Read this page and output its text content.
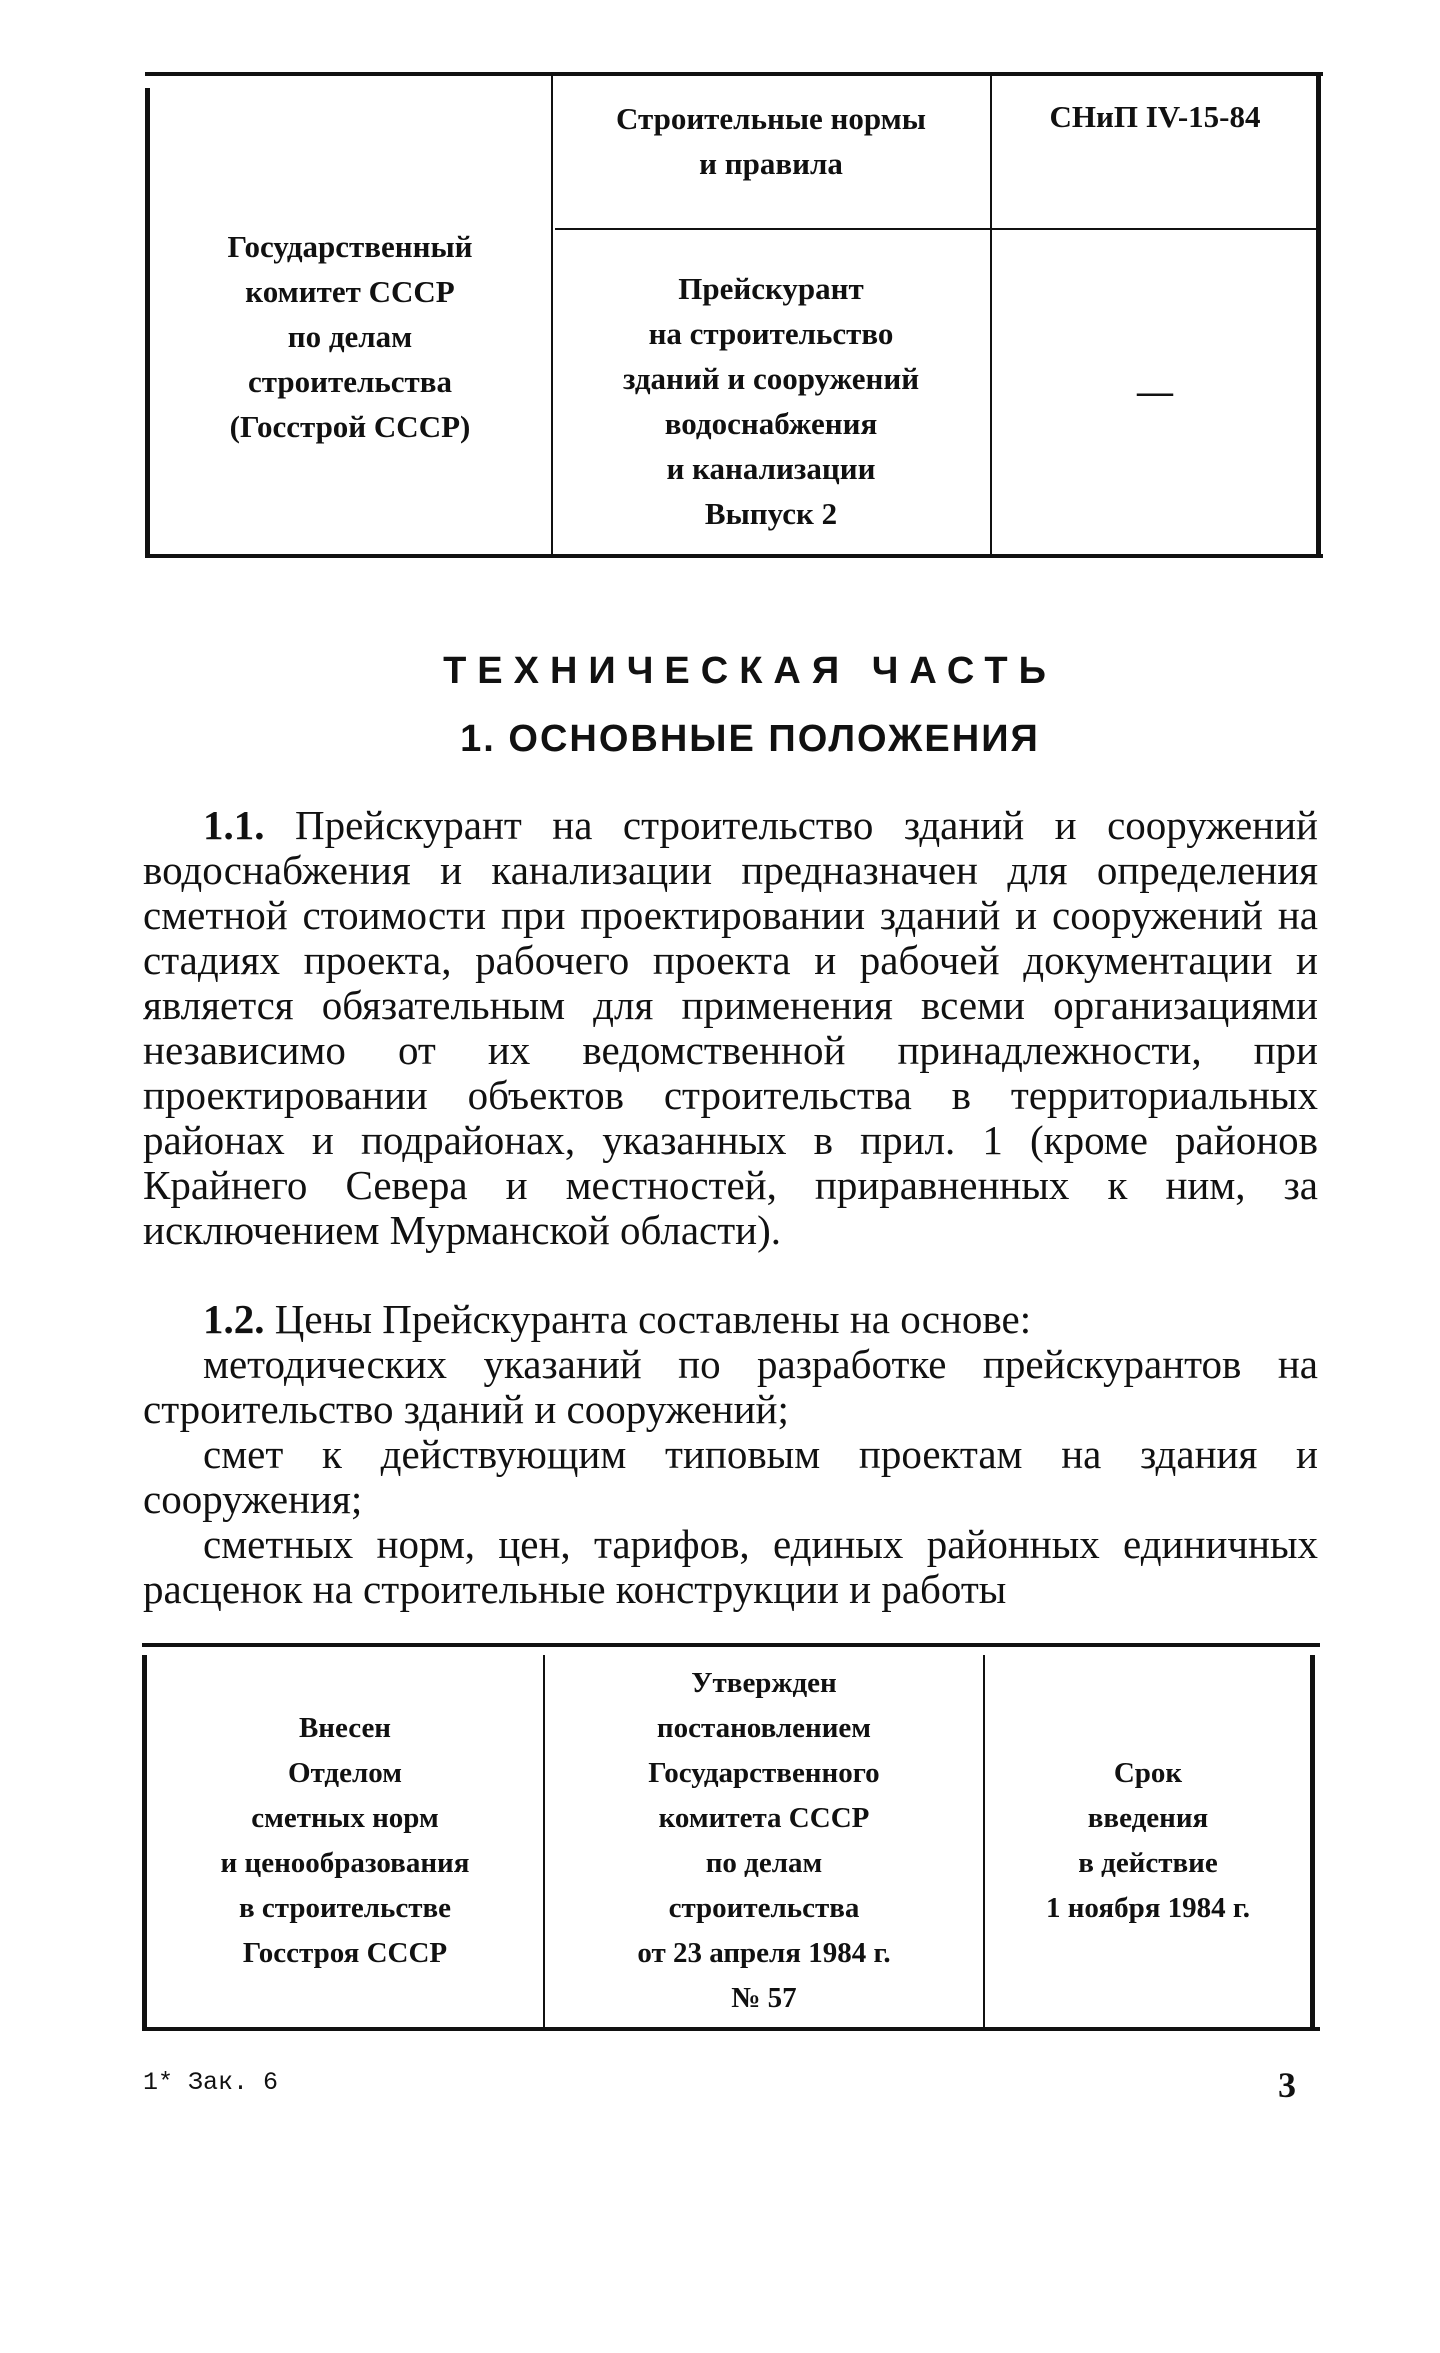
Государственный
комитет СССР
по делам
строительства
(Госстрой СССР)
Строительные нормы
и правила
СНиП IV-15-84
Прейскурант
на строительство
зданий и сооружений
водоснабжения
и канализации
Выпуск 2
—
ТЕХНИЧЕСКАЯ ЧАСТЬ
1. ОСНОВНЫЕ ПОЛОЖЕНИЯ
1.1. Прейскурант на строительство зданий и сооружений водоснабжения и канализации предназначен для определения сметной стоимости при проектировании зданий и сооружений на стадиях проекта, рабочего проекта и рабочей документации и является обязательным для применения всеми организациями независимо от их ведомственной принадлежности, при проектировании объектов строительства в территориальных районах и подрайонах, указанных в прил. 1 (кроме районов Крайнего Севера и местностей, приравненных к ним, за исключением Мурманской области).
1.2. Цены Прейскуранта составлены на основе:
методических указаний по разработке прейскурантов на строительство зданий и сооружений;
смет к действующим типовым проектам на здания и сооружения;
сметных норм, цен, тарифов, единых районных единичных расценок на строительные конструкции и работы
Внесен
Отделом
сметных норм
и ценообразования
в строительстве
Госстроя СССР
Утвержден
постановлением
Государственного
комитета СССР
по делам
строительства
от 23 апреля 1984 г.
№ 57
Срок
введения
в действие
1 ноября 1984 г.
1* Зак. 6	3
